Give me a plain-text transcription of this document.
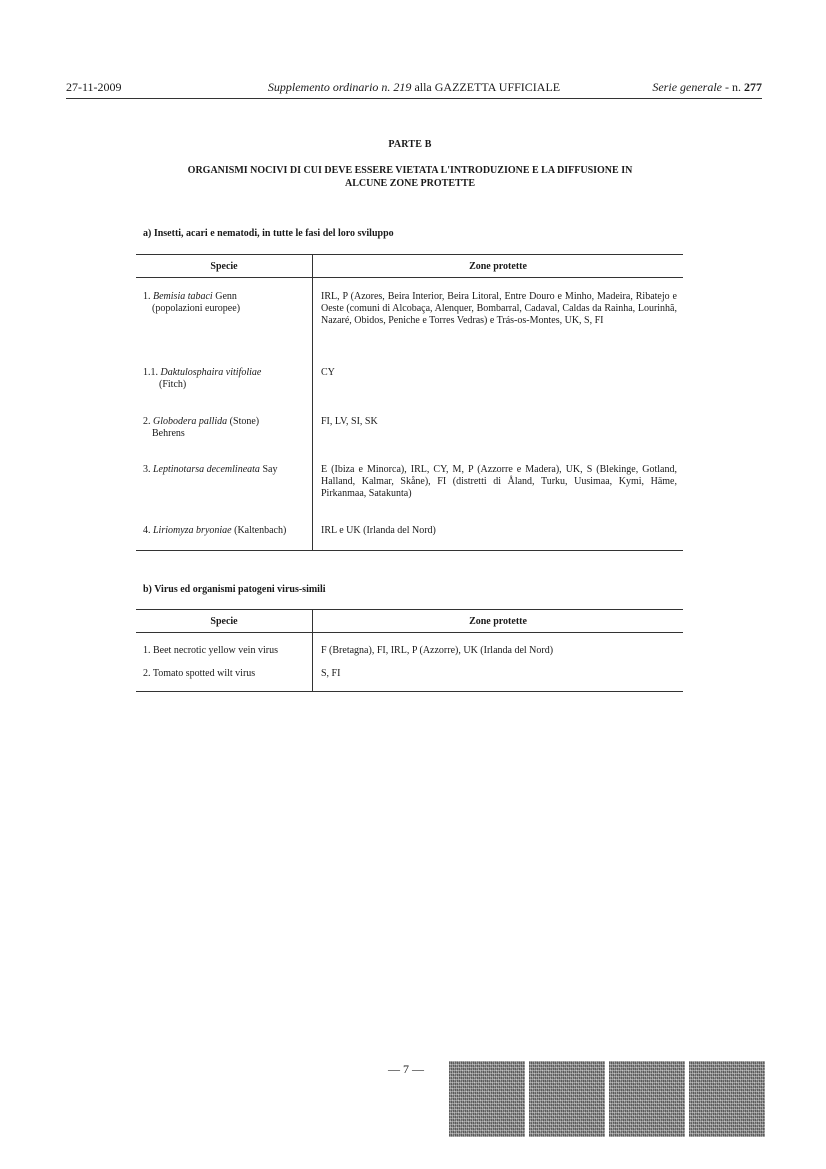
27-11-2009	Supplemento ordinario n. 219 alla GAZZETTA UFFICIALE	Serie generale - n. 277
PARTE B
ORGANISMI NOCIVI DI CUI DEVE ESSERE VIETATA L'INTRODUZIONE E LA DIFFUSIONE IN
ALCUNE ZONE PROTETTE
a) Insetti, acari e nematodi, in tutte le fasi del loro sviluppo
Specie	Zone protette
1. Bemisia tabaci Genn
(popolazioni europee)	IRL, P (Azores, Beira Interior, Beira Litoral, Entre Douro e Minho, Madeira, Ribatejo e Oeste (comuni di Alcobaça, Alenquer, Bombarral, Cadaval, Caldas da Rainha, Lourinhã, Nazaré, Obidos, Peniche e Torres Vedras) e Trás-os-Montes, UK, S, FI
1.1. Daktulosphaira vitifoliae
(Fitch)	CY
2. Globodera pallida (Stone)
Behrens	FI, LV, SI, SK
3. Leptinotarsa decemlineata Say	E (Ibiza e Minorca), IRL, CY, M, P (Azzorre e Madera), UK, S (Blekinge, Gotland, Halland, Kalmar, Skåne), FI (distretti di Åland, Turku, Uusimaa, Kymi, Häme, Pirkanmaa, Satakunta)
4. Liriomyza bryoniae (Kaltenbach)	IRL e UK (Irlanda del Nord)
b) Virus ed organismi patogeni virus-simili
Specie	Zone protette
1. Beet necrotic yellow vein virus	F (Bretagna), FI, IRL, P (Azzorre), UK (Irlanda del Nord)
2. Tomato spotted wilt virus	S, FI
— 7 —
